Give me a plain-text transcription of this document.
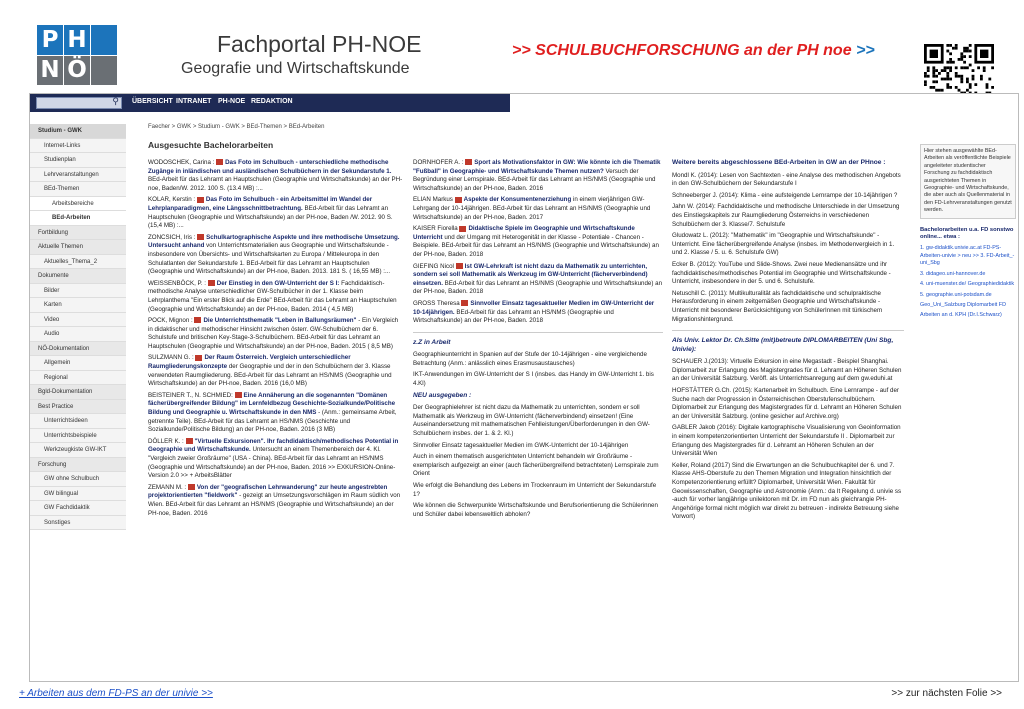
P H
N Ö
Fachportal PH-NOE
Geografie und Wirtschaftskunde
>> SCHULBUCHFORSCHUNG an der PH noe >>
⚲ ÜBERSICHT INTRANET PH-NOE REDAKTION
Faecher > GWK > Studium - GWK > BEd-Themen > BEd-Arbeiten
Studium - GWK
Internet-Links
Studienplan
Lehrveranstaltungen
BEd-Themen
Arbeitsbereiche
BEd-Arbeiten
Fortbildung
Aktuelle Themen
Aktuelles_Thema_2
Dokumente
Bilder
Karten
Video
Audio
NÖ-Dokumentation
Allgemein
Regional
Bgld-Dokumentation
Best Practice
Unterrichtsideen
Unterrichtsbeispiele
Werkzeugkiste GW-IKT
Forschung
GW ohne Schulbuch
GW bilingual
GW Fachdidaktik
Sonstiges
Ausgesuchte Bachelorarbeiten

WODOSCHEK, Carina : Das Foto im Schulbuch - unterschiedliche methodische Zugänge in inländischen und ausländischen Schulbüchern in der Sekundarstufe 1. BEd-Arbeit für das Lehramt an Hauptschulen (Geographie und Wirtschaftskunde) an der PH-noe, Baden/W. 2012. 100 S. (13.4 MB) :...

KOLAR, Kerstin : Das Foto im Schulbuch - ein Arbeitsmittel im Wandel der Lehrplanparadigmen, eine Längsschnittbetrachtung. BEd-Arbeit für das Lehramt an Hauptschulen (Geographie und Wirtschaftskunde) an der PH-noe, Baden /W. 2012. 90 S. (15,4 MB) :...

ZONCSICH, Iris : Schulkartographische Aspekte und ihre methodische Umsetzung. Untersucht anhand von Unterrichtsmaterialien aus Geographie und Wirtschaftskunde - insbesondere von Übersichts- und Wirtschaftskarten zu Europa / Mitteleuropa in den Schulatlanten der Sekundarstufe 1. BEd-Arbeit für das Lehramt an Hauptschulen (Geographie und Wirtschaftskunde) an der PH-noe, Baden. 2013. 181 S. ( 16,55 MB) :...

WEISSENBÖCK, P. : Der Einstieg in den GW-Unterricht der S I: Fachdidaktisch-methodische Analyse unterschiedlicher GW-Schulbücher in der 1. Klasse beim Lehrplanthema "Ein erster Blick auf die Erde" BEd-Arbeit für das Lehramt an Hauptschulen (Geographie und Wirtschaftskunde) an der PH-noe, Baden. 2014 ( 4,5 MB)

POCK, Mignon : Die Unterrichtsthematik "Leben in Ballungsräumen" - Ein Vergleich in didaktischer und methodischer Hinsicht zwischen österr. GW-Schulbüchern der 6. Schulstufe und britischen Key-Stage-3-Schulbüchern. BEd-Arbeit für das Lehramt an Hauptschulen (Geographie und Wirtschaftskunde) an der PH-noe, Baden. 2015 ( 8,5 MB)

SULZMANN G. : Der Raum Österreich. Vergleich unterschiedlicher Raumgliederungskonzepte der Geographie und der in den Schulbüchern der 3. Klasse verwendeten Raumgliederung. BEd-Arbeit für das Lehramt an HS/NMS (Geographie und Wirtschaftskunde) an der PH-noe, Baden. 2016 (16,0 MB)

BEISTEINER T., N. SCHMIED: Eine Annäherung an die sogenannten "Domänen fächerübergreifender Bildung" im Lernfeldbezug Geschichte-Sozialkunde/Politische Bildung und Geographie u. Wirtschaftskunde in den NMS - (Anm.: gemeinsame Arbeit, getrennte Teile). BEd-Arbeit für das Lehramt an HS/NMS (Geschichte und Sozialkunde/Politische Bildung) an der PH-noe, Baden. 2016 (3 MB)

DÖLLER K. : "Virtuelle Exkursionen". Ihr fachdidaktisch/methodisches Potential in Geographie und Wirtschaftskunde. Untersucht an einem Themenbereich der 4. Kl. "Vergleich zweier Großräume" (USA - China). BEd-Arbeit für das Lehramt an HS/NMS (Geographie und Wirtschaftskunde) an der PH-noe, Baden. 2016 >> EXKURSION-Online-Version 2.0 >> + ArbeitsBlätter

ZEMANN M. : Von der "geografischen Lehrwanderung" zur heute angestrebten projektorientierten "fieldwork" - gezeigt an Umsetzungsvorschlägen im Raum südlich von Wien. BEd-Arbeit für das Lehramt an HS/NMS (Geographie und Wirtschaftskunde) an der PH-noe, Baden. 2016

DORNHOFER A. : Sport als Motivationsfaktor in GW: Wie könnte ich die Thematik "Fußball" in Geographie- und Wirtschaftskunde Themen nutzen? Versuch der Begründung einer Lernspirale. BEd-Arbeit für das Lehramt an HS/NMS (Geographie und Wirtschaftskunde) an der PH-noe, Baden. 2016

ELIAN Markus Aspekte der Konsumentenerziehung in einem vierjährigen GW-Lehrgang der 10-14jährigen. BEd-Arbeit für das Lehramt an HS/NMS (Geographie und Wirtschaftskunde) an der PH-noe, Baden. 2017

KAISER Fiorella Didaktische Spiele im Geographie und Wirtschaftskunde Unterricht und der Umgang mit Heterogenität in der Klasse - Potentiale - Chancen - Beispiele. BEd-Arbeit für das Lehramt an HS/NMS (Geographie und Wirtschaftskunde) an der PH-noe, Baden. 2018

GIEFING Nicol Ist GW-Lehrkraft ist nicht dazu da Mathematik zu unterrichten, sondern sei soll Mathematik als Werkzeug im GW-Unterricht (fächerverbindend) einsetzen. BEd-Arbeit für das Lehramt an HS/NMS (Geographie und Wirtschaftskunde) an der PH-noe, Baden. 2018

GROSS Theresa Sinnvoller Einsatz tagesaktueller Medien im GW-Unterricht der 10-14jährigen. BEd-Arbeit für das Lehramt an HS/NMS (Geographie und Wirtschaftskunde) an der PH-noe, Baden. 2018

z.Z in Arbeit

Geographieunterricht in Spanien auf der Stufe der 10-14jährigen - eine vergleichende Betrachtung (Anm.: anlässlich eines Erasmusaustausches)

IKT-Anwendungen im GW-Unterricht der S I (insbes. das Handy im GW-Unterricht 1. bis 4.Kl)

NEU ausgegeben :

Der Geographielehrer ist nicht dazu da Mathematik zu unterrichten, sondern er soll Mathematik als Werkzeug im GW-Unterricht (fächerverbindend) einsetzen! (Eine Auseinandersetzung mit mathematischen Fehlleistungen/Überforderungen in den GW-Schulbüchern insbes. der 1. & 2. Kl.)

Sinnvoller Einsatz tagesaktueller Medien im GWK-Unterricht der 10-14jährigen

Auch in einem thematisch ausgerichteten Unterricht behandeln wir Großräume - exemplarisch aufgezeigt an einer (auch fächerübergreifend betrachteten) Lernspirale zum Orient

Wie erfolgt die Behandlung des Lebens im Trockenraum im Unterricht der Sekundarstufe 1?

Wie können die Schwerpunkte Wirtschaftskunde und Berufsorientierung die Schülerinnen und Schüler dabei lebensweltlich abholen?

Weitere bereits abgeschlossene BEd-Arbeiten in GW an der PHnoe :

Mondl K. (2014): Lesen von Sachtexten - eine Analyse des methodischen Angebots in den GW-Schulbüchern der Sekundarstufe I

Schneeberger J. (2014): Klima - eine aufsteigende Lernrampe der 10-14jährigen ?

Jahn W. (2014): Fachdidaktische und methodische Unterschiede in der Umsetzung des Einstiegskapitels zur Raumgliederung Österreichs in verschiedenen Schulbüchern der 3. Klasse/7. Schulstufe

Gludowatz L. (2012): "Mathematik" im "Geographie und Wirtschaftskunde" - Unterricht. Eine fächerübergreifende Analyse (insbes. im Methodenvergleich in 1. und 2. Klasse / 5. u. 6. Schulstufe GW)

Ecker B. (2012): YouTube und Slide-Shows. Zwei neue Medienansätze und ihr fachdidaktisches/methodisches Potential im Geographie und Wirtschaftskunde - Unterricht, insbesondere in der 5. und 6. Schulstufe.

Netuschill C. (2011): Multikulturalität als fachdidaktische und schulpraktische Herausforderung in einem zeitgemäßen Geographie und Wirtschaftskunde - Unterricht mit besonderer Berücksichtigung von SchülerInnen mit türkischem Migrationshintergrund.

Als Univ. Lektor Dr. Ch.Sitte (mit)betreute DIPLOMARBEITEN (Uni Sbg, Univie):

SCHAUER J.(2013): Virtuelle Exkursion in eine Megastadt - Beispiel Shanghai. Diplomarbeit zur Erlangung des Magistergrades für d. Lehramt an Höheren Schulen an der Universität Salzburg. Veröff. als Unterrichtsanregung auf dem gw.eduhi.at

HOFSTÄTTER G.Ch. (2015): Kartenarbeit im Schulbuch. Eine Lernrampe - auf der Suche nach der Progression in Österreichischen Oberstufenschulbüchern. Diplomarbeit zur Erlangung des Magistergrades für d. Lehramt an Höheren Schulen an der Universität Salzburg. (online gesicher auf Archive.org)

GABLER Jakob (2016): Digitale kartographische Visualisierung von Geoinformation in einem kompetenzorientierten Unterricht der Sekundarstufe II . Diplomarbeit zur Erlangung des Magistergrades für d. Lehramt an Höheren Schulen an der Universität Wien

Keller, Roland (2017) Sind die Erwartungen an die Schulbuchkapitel der 6. und 7. Klasse AHS-Oberstufe zu den Themen Migration und Integration hinsichtlich der Kompetenzorientierung erfüllt? Diplomarbeit, Universität Wien. Fakultät für Geowissenschaften, Geographie und Astronomie (Anm.: da It Regelung d. univie ss -auch für vorher langjährige unilektoren mit Dr. im FD nun als gleichrangie PH-Angehörige formal nicht möglich war direkt zu betreuen - indirekte Betreuung siehe Vorwort)

Hier stehen ausgewählte BEd-Arbeiten als veröffentlichte Beispiele angeleiteter studentischer Forschung zu fachdidaktisch ausgerichteten Themen in Geographie- und Wirtschaftskunde, die aber auch als Quellenmaterial in den FD-Lehrveranstaltungen genutzt werden.
Bachelorarbeiten u.a. FD sonstwo online... etwa :
1. gw-didaktik.univie.ac.at FD-PS-Arbeiten-univie > neu >> 3. FD-Arbeit_-uni_Sbg
3. didageo.uni-hannover.de
4. uni-muenster.de/ Geographiedidaktik
5. geographie.uni-potsdam.de
Geo_Uni_Salzburg Diplomarbeit FD
Arbeiten an d. KPH (Dr.I.Schwarz)
+ Arbeiten aus dem FD-PS an der univie >>	>> zur nächsten Folie >>
